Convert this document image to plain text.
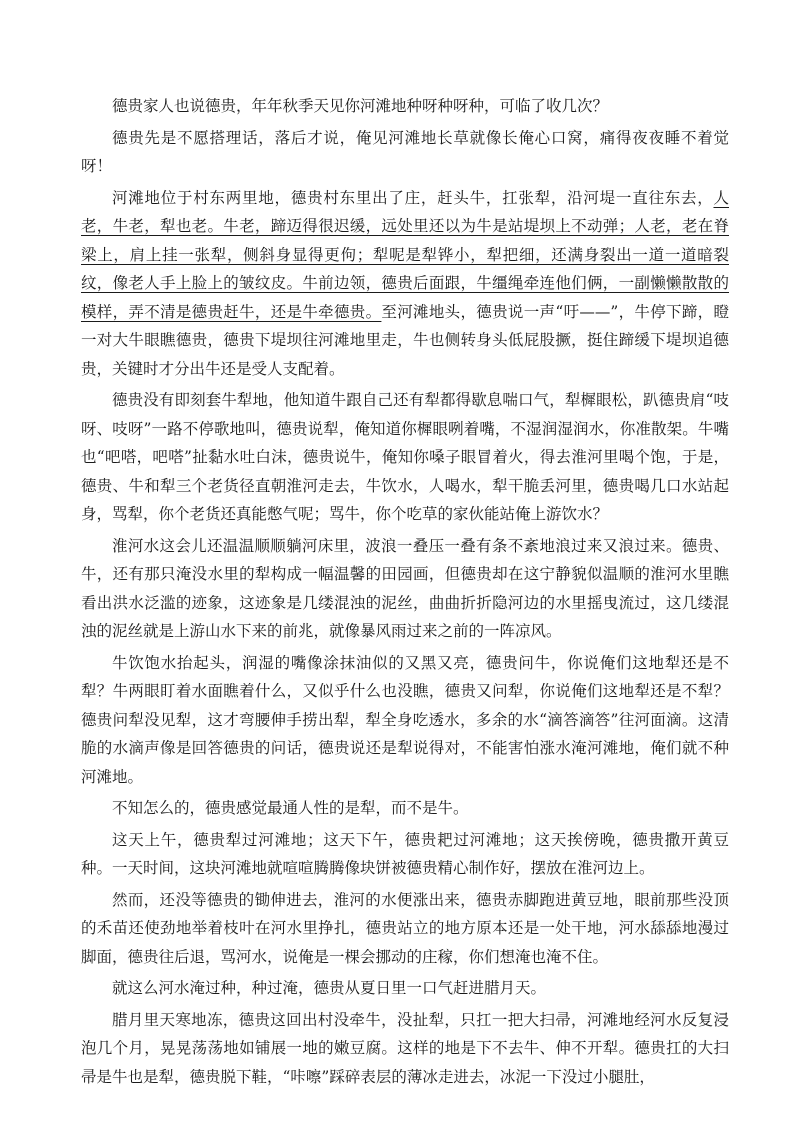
德贵家人也说德贵，年年秋季天见你河滩地种呀种呀种，可临了收几次？

德贵先是不愿搭理话，落后才说，俺见河滩地长草就像长俺心口窝，痛得夜夜睡不着觉呀！

河滩地位于村东两里地，德贵村东里出了庄，赶头牛，扛张犁，沿河堤一直往东去，人老，牛老，犁也老。牛老，蹄迈得很迟缓，远处里还以为牛是站堤坝上不动弹；人老，老在脊梁上，肩上挂一张犁，侧斜身显得更佝；犁呢是犁铧小，犁把细，还满身裂出一道一道暗裂纹，像老人手上脸上的皱纹皮。牛前边领，德贵后面跟，牛缰绳牵连他们俩，一副懒懒散散的模样，弄不清是德贵赶牛，还是牛牵德贵。至河滩地头，德贵说一声“吁——”，牛停下蹄，瞪一对大牛眼瞧德贵，德贵下堤坝往河滩地里走，牛也侧转身头低屁股撅，挺住蹄缓下堤坝追德贵，关键时才分出牛还是受人支配着。

德贵没有即刻套牛犁地，他知道牛跟自己还有犁都得歇息喘口气，犁樨眼松，趴德贵肩“吱呀、吱呀”一路不停歌地叫，德贵说犁，俺知道你樨眼咧着嘴，不湿润湿润水，你准散架。牛嘴也“吧嗒，吧嗒”扯黏水吐白沫，德贵说牛，俺知你嗓子眼冒着火，得去淮河里喝个饱，于是，德贵、牛和犁三个老货径直朝淮河走去，牛饮水，人喝水，犁干脆丢河里，德贵喝几口水站起身，骂犁，你个老货还真能憋气呢；骂牛，你个吃草的家伙能站俺上游饮水？

淮河水这会儿还温温顺顺躺河床里，波浪一叠压一叠有条不紊地浪过来又浪过来。德贵、牛，还有那只淹没水里的犁构成一幅温馨的田园画，但德贵却在这宁静貌似温顺的淮河水里瞧看出洪水泛滥的迹象，这迹象是几缕混浊的泥丝，曲曲折折隐河边的水里摇曳流过，这几缕混浊的泥丝就是上游山水下来的前兆，就像暴风雨过来之前的一阵凉风。

牛饮饱水抬起头，润湿的嘴像涂抹油似的又黑又亮，德贵问牛，你说俺们这地犁还是不犁？牛两眼盯着水面瞧着什么，又似乎什么也没瞧，德贵又问犁，你说俺们这地犁还是不犁？德贵问犁没见犁，这才弯腰伸手捞出犁，犁全身吃透水，多余的水“滴答滴答”往河面滴。这清脆的水滴声像是回答德贵的问话，德贵说还是犁说得对，不能害怕涨水淹河滩地，俺们就不种河滩地。

不知怎么的，德贵感觉最通人性的是犁，而不是牛。

这天上午，德贵犁过河滩地；这天下午，德贵耙过河滩地；这天挨傍晚，德贵撒开黄豆种。一天时间，这块河滩地就喧喧腾腾像块饼被德贵精心制作好，摆放在淮河边上。

然而，还没等德贵的锄伸进去，淮河的水便涨出来，德贵赤脚跑进黄豆地，眼前那些没顶的禾苗还使劲地举着枝叶在河水里挣扎，德贵站立的地方原本还是一处干地，河水舔舔地漫过脚面，德贵往后退，骂河水，说俺是一棵会挪动的庄稼，你们想淹也淹不住。

就这么河水淹过种，种过淹，德贵从夏日里一口气赶进腊月天。

腊月里天寒地冻，德贵这回出村没牵牛，没扯犁，只扛一把大扫帚，河滩地经河水反复浸泡几个月，晃晃荡荡地如铺展一地的嫩豆腐。这样的地是下不去牛、伸不开犁。德贵扛的大扫帚是牛也是犁，德贵脱下鞋，“咔嚓”踩碎表层的薄冰走进去，冰泥一下没过小腿肚，
